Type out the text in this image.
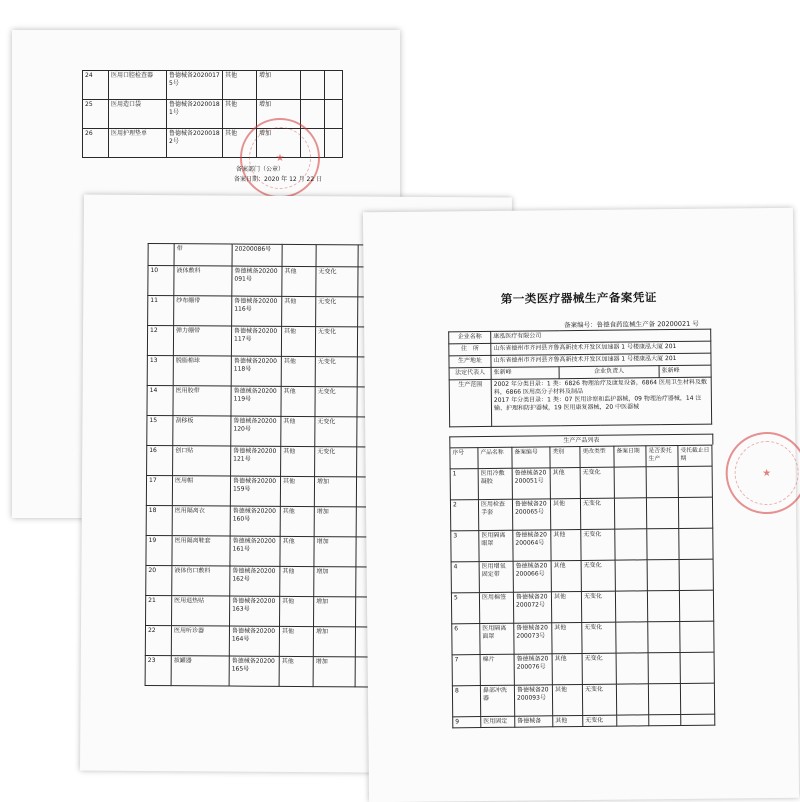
24	医用口腔检查器	鲁德械备20200175号	其他	增加		
25	医用造口袋	鲁德械备20200181号	其他	增加		
26	医用护理垫单	鲁德械备20200182号	其他	增加		
★
备案部门（公章）
备案日期：2020 年 12 月 22 日
	带	20200086号					
10	液体敷料	鲁德械备20200091号	其他	无变化			
11	纱布绷带	鲁德械备20200116号	其他	无变化			
12	弹力绷带	鲁德械备20200117号	其他	无变化			
13	脱脂棉球	鲁德械备20200118号	其他	无变化			
14	医用胶带	鲁德械备20200119号	其他	无变化			
15	刮移板	鲁德械备20200120号	其他	无变化			
16	创口贴	鲁德械备20200121号	其他	无变化			
17	医用帽	鲁德械备20200159号	其他	增加			
18	医用隔离衣	鲁德械备20200160号	其他	增加			
19	医用隔离鞋套	鲁德械备20200161号	其他	增加			
20	液体伤口敷料	鲁德械备20200162号	其他	增加			
21	医用退热贴	鲁德械备20200163号	其他	增加			
22	医用听诊器	鲁德械备20200164号	其他	增加			
23	拔罐器	鲁德械备20200165号	其他	增加			
第一类医疗器械生产备案凭证
备案编号：鲁德食药监械生产备 20200021 号
企业名称	康泓医疗有限公司		
住　所	山东省德州市齐河县齐鲁高新技术开发区加速器 1 号楼康泓大厦 201		
生产地址	山东省德州市齐河县齐鲁高新技术开发区加速器 1 号楼康泓大厦 201		
法定代表人	张新峰	企业负责人	张新峰
生产范围	2002 年分类目录：1 类：6826 物理治疗及康复设备，6864 医用卫生材料及敷料，6866 医用高分子材料及制品
2017 年分类目录：1 类：07 医用诊察和监护器械，09 物理治疗器械，14 注输、护理和防护器械，19 医用康复器械，20 中医器械		
生产产品列表
序号	产品名称	备案编号	类别	更改类型	备案日期	是否委托生产	受托截止日期
1	医用冷敷凝胶	鲁德械备20200051号	其他	无变化			
2	医用检查手套	鲁德械备20200065号	其他	无变化			
3	医用隔离眼罩	鲁德械备20200064号	其他	无变化			
4	医用增氧固定带	鲁德械备20200066号	其他	无变化			
5	医用棉签	鲁德械备20200072号	其他	无变化			
6	医用隔离面罩	鲁德械备20200073号	其他	无变化			
7	棉片	鲁德械备20200076号	其他	无变化			
8	鼻部冲洗器	鲁德械备20200093号	其他	无变化			
9	医用固定	鲁德械备	其他	无变化			
★
